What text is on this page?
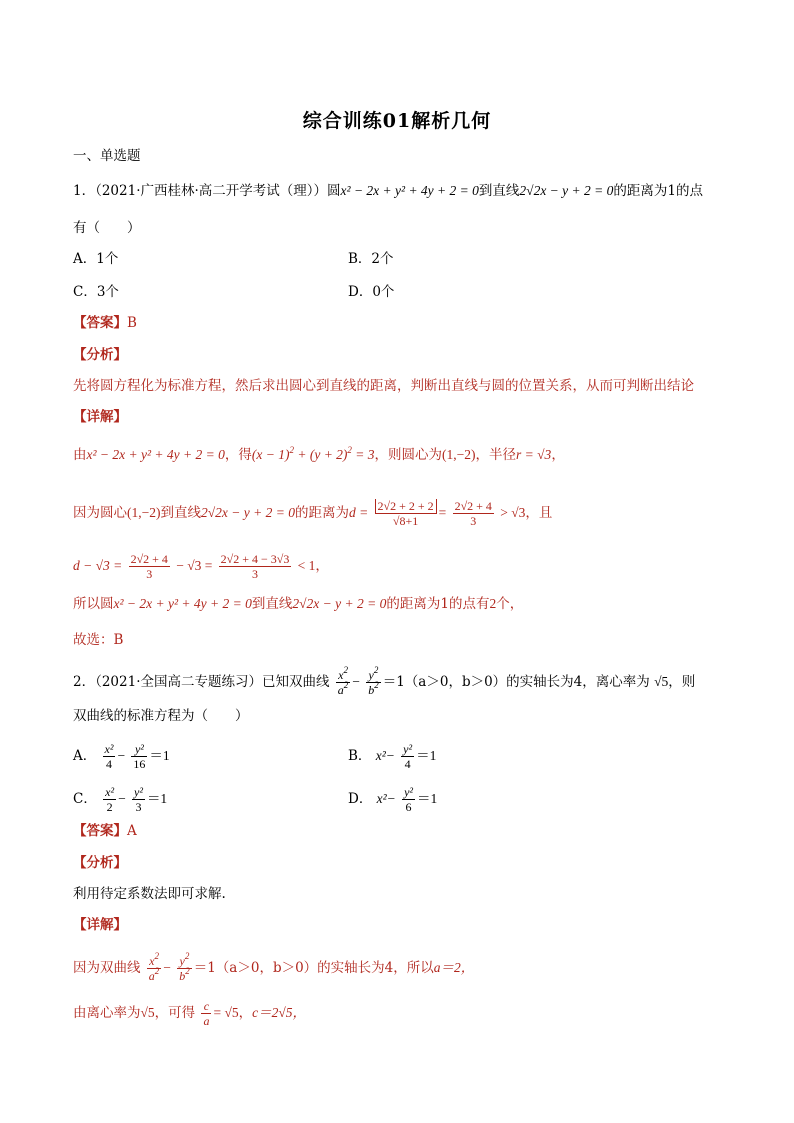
综合训练01解析几何
一、单选题
1．（2021·广西桂林·高二开学考试（理））圆x² − 2x + y² + 4y + 2 = 0到直线2√2x − y + 2 = 0的距离为1的点
有（　　）
A．1个	B．2个
C．3个	D．0个
【答案】B
【分析】
先将圆方程化为标准方程，然后求出圆心到直线的距离，判断出直线与圆的位置关系，从而可判断出结论
【详解】
由x² − 2x + y² + 4y + 2 = 0，得$(x - 1)^2 + (y + 2)^2 = 3$，则圆心为(1,−2)，半径r = √3，
因为圆心(1,−2)到直线2√2x − y + 2 = 0的距离为$d = \frac{2√2 + 2 + 2}{√8+1} = \frac{2√2 + 4}{3} > √3$，且
$d - √3 = \frac{2√2 + 4}{3} - √3 = \frac{2√2 + 4 - 3√3}{3} < 1$，
所以圆x² − 2x + y² + 4y + 2 = 0到直线2√2x − y + 2 = 0的距离为1的点有2个，
故选：B
2．（2021·全国高二专题练习）已知双曲线 $\frac{x^2}{a^2} - \frac{y^2}{b^2} =1(a>0$，b＞0）的实轴长为4，离心率为 √5，则
双曲线的标准方程为（　　）
A． $\frac{\text{x²}}{4} - \frac{\text{y²}}{16} =1$	B． $x^2- \frac{\text{y²}}{4} =1$
C． $\frac{\text{x²}}{2} - \frac{\text{y²}}{3} =1$	D． $x^2- \frac{\text{y²}}{6} =1$
【答案】A
【分析】
利用待定系数法即可求解.
【详解】
因为双曲线 $\frac{x^2}{a^2} - \frac{y^2}{b^2} =1(a>0$，b＞0）的实轴长为4，所以a＝2，
由离心率为√5，可得 $\frac{c}{a} = √5$，c＝2√5，
